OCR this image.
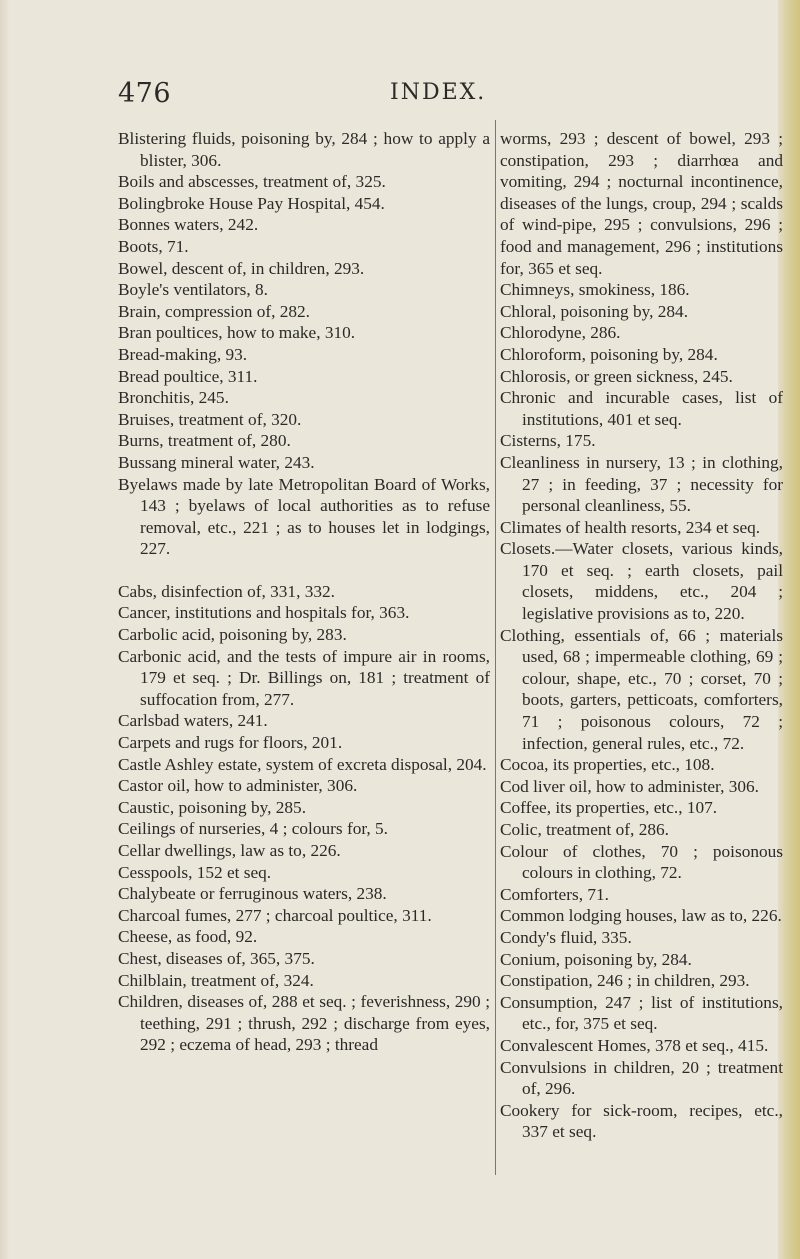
476	INDEX.

Blistering fluids, poisoning by, 284 ; how to apply a blister, 306.

Boils and abscesses, treatment of, 325.

Bolingbroke House Pay Hospital, 454.

Bonnes waters, 242.

Boots, 71.

Bowel, descent of, in children, 293.

Boyle's ventilators, 8.

Brain, compression of, 282.

Bran poultices, how to make, 310.

Bread-making, 93.

Bread poultice, 311.

Bronchitis, 245.

Bruises, treatment of, 320.

Burns, treatment of, 280.

Bussang mineral water, 243.

Byelaws made by late Metropolitan Board of Works, 143 ; byelaws of local authorities as to refuse removal, etc., 221 ; as to houses let in lodgings, 227.

Cabs, disinfection of, 331, 332.

Cancer, institutions and hospitals for, 363.

Carbolic acid, poisoning by, 283.

Carbonic acid, and the tests of impure air in rooms, 179 et seq. ; Dr. Billings on, 181 ; treatment of suffocation from, 277.

Carlsbad waters, 241.

Carpets and rugs for floors, 201.

Castle Ashley estate, system of excreta disposal, 204.

Castor oil, how to administer, 306.

Caustic, poisoning by, 285.

Ceilings of nurseries, 4 ; colours for, 5.

Cellar dwellings, law as to, 226.

Cesspools, 152 et seq.

Chalybeate or ferruginous waters, 238.

Charcoal fumes, 277 ; charcoal poultice, 311.

Cheese, as food, 92.

Chest, diseases of, 365, 375.

Chilblain, treatment of, 324.

Children, diseases of, 288 et seq. ; feverishness, 290 ; teething, 291 ; thrush, 292 ; discharge from eyes, 292 ; eczema of head, 293 ; thread

worms, 293 ; descent of bowel, 293 ; constipation, 293 ; diarrhœa and vomiting, 294 ; nocturnal incontinence, diseases of the lungs, croup, 294 ; scalds of wind-pipe, 295 ; convulsions, 296 ; food and management, 296 ; institutions for, 365 et seq.

Chimneys, smokiness, 186.

Chloral, poisoning by, 284.

Chlorodyne, 286.

Chloroform, poisoning by, 284.

Chlorosis, or green sickness, 245.

Chronic and incurable cases, list of institutions, 401 et seq.

Cisterns, 175.

Cleanliness in nursery, 13 ; in clothing, 27 ; in feeding, 37 ; necessity for personal cleanliness, 55.

Climates of health resorts, 234 et seq.

Closets.—Water closets, various kinds, 170 et seq. ; earth closets, pail closets, middens, etc., 204 ; legislative provisions as to, 220.

Clothing, essentials of, 66 ; materials used, 68 ; impermeable clothing, 69 ; colour, shape, etc., 70 ; corset, 70 ; boots, garters, petticoats, comforters, 71 ; poisonous colours, 72 ; infection, general rules, etc., 72.

Cocoa, its properties, etc., 108.

Cod liver oil, how to administer, 306.

Coffee, its properties, etc., 107.

Colic, treatment of, 286.

Colour of clothes, 70 ; poisonous colours in clothing, 72.

Comforters, 71.

Common lodging houses, law as to, 226.

Condy's fluid, 335.

Conium, poisoning by, 284.

Constipation, 246 ; in children, 293.

Consumption, 247 ; list of institutions, etc., for, 375 et seq.

Convalescent Homes, 378 et seq., 415.

Convulsions in children, 20 ; treatment of, 296.

Cookery for sick-room, recipes, etc., 337 et seq.
